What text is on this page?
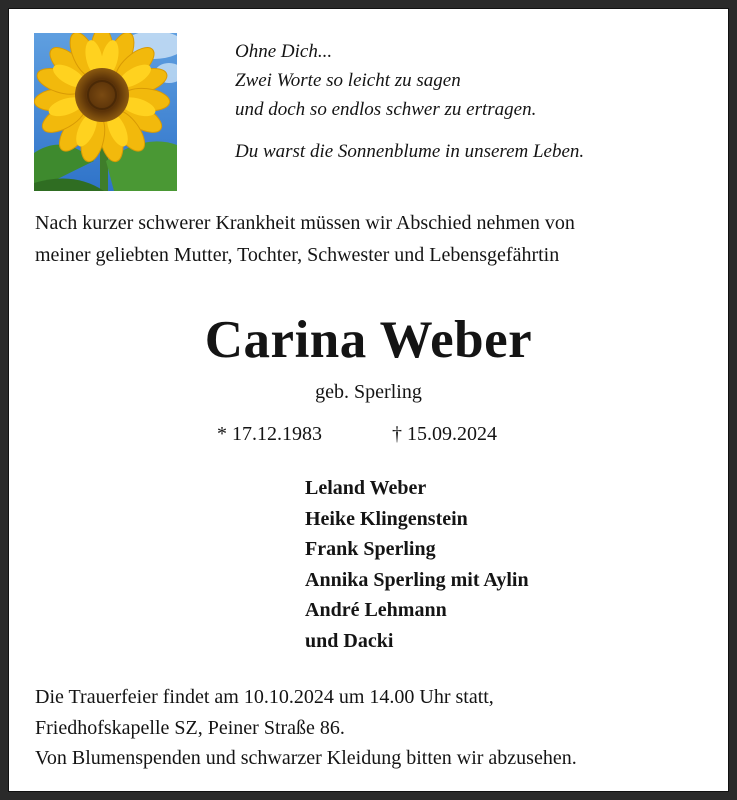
Ohne Dich...
Zwei Worte so leicht zu sagen
und doch so endlos schwer zu ertragen.
Du warst die Sonnenblume in unserem Leben.
Nach kurzer schwerer Krankheit müssen wir Abschied nehmen von
meiner geliebten Mutter, Tochter, Schwester und Lebensgefährtin
Carina Weber
geb. Sperling
* 17.12.1983	† 15.09.2024
Leland Weber
Heike Klingenstein
Frank Sperling
Annika Sperling mit Aylin
André Lehmann
und Dacki
Die Trauerfeier findet am 10.10.2024 um 14.00 Uhr statt,
Friedhofskapelle SZ, Peiner Straße 86.
Von Blumenspenden und schwarzer Kleidung bitten wir abzusehen.
